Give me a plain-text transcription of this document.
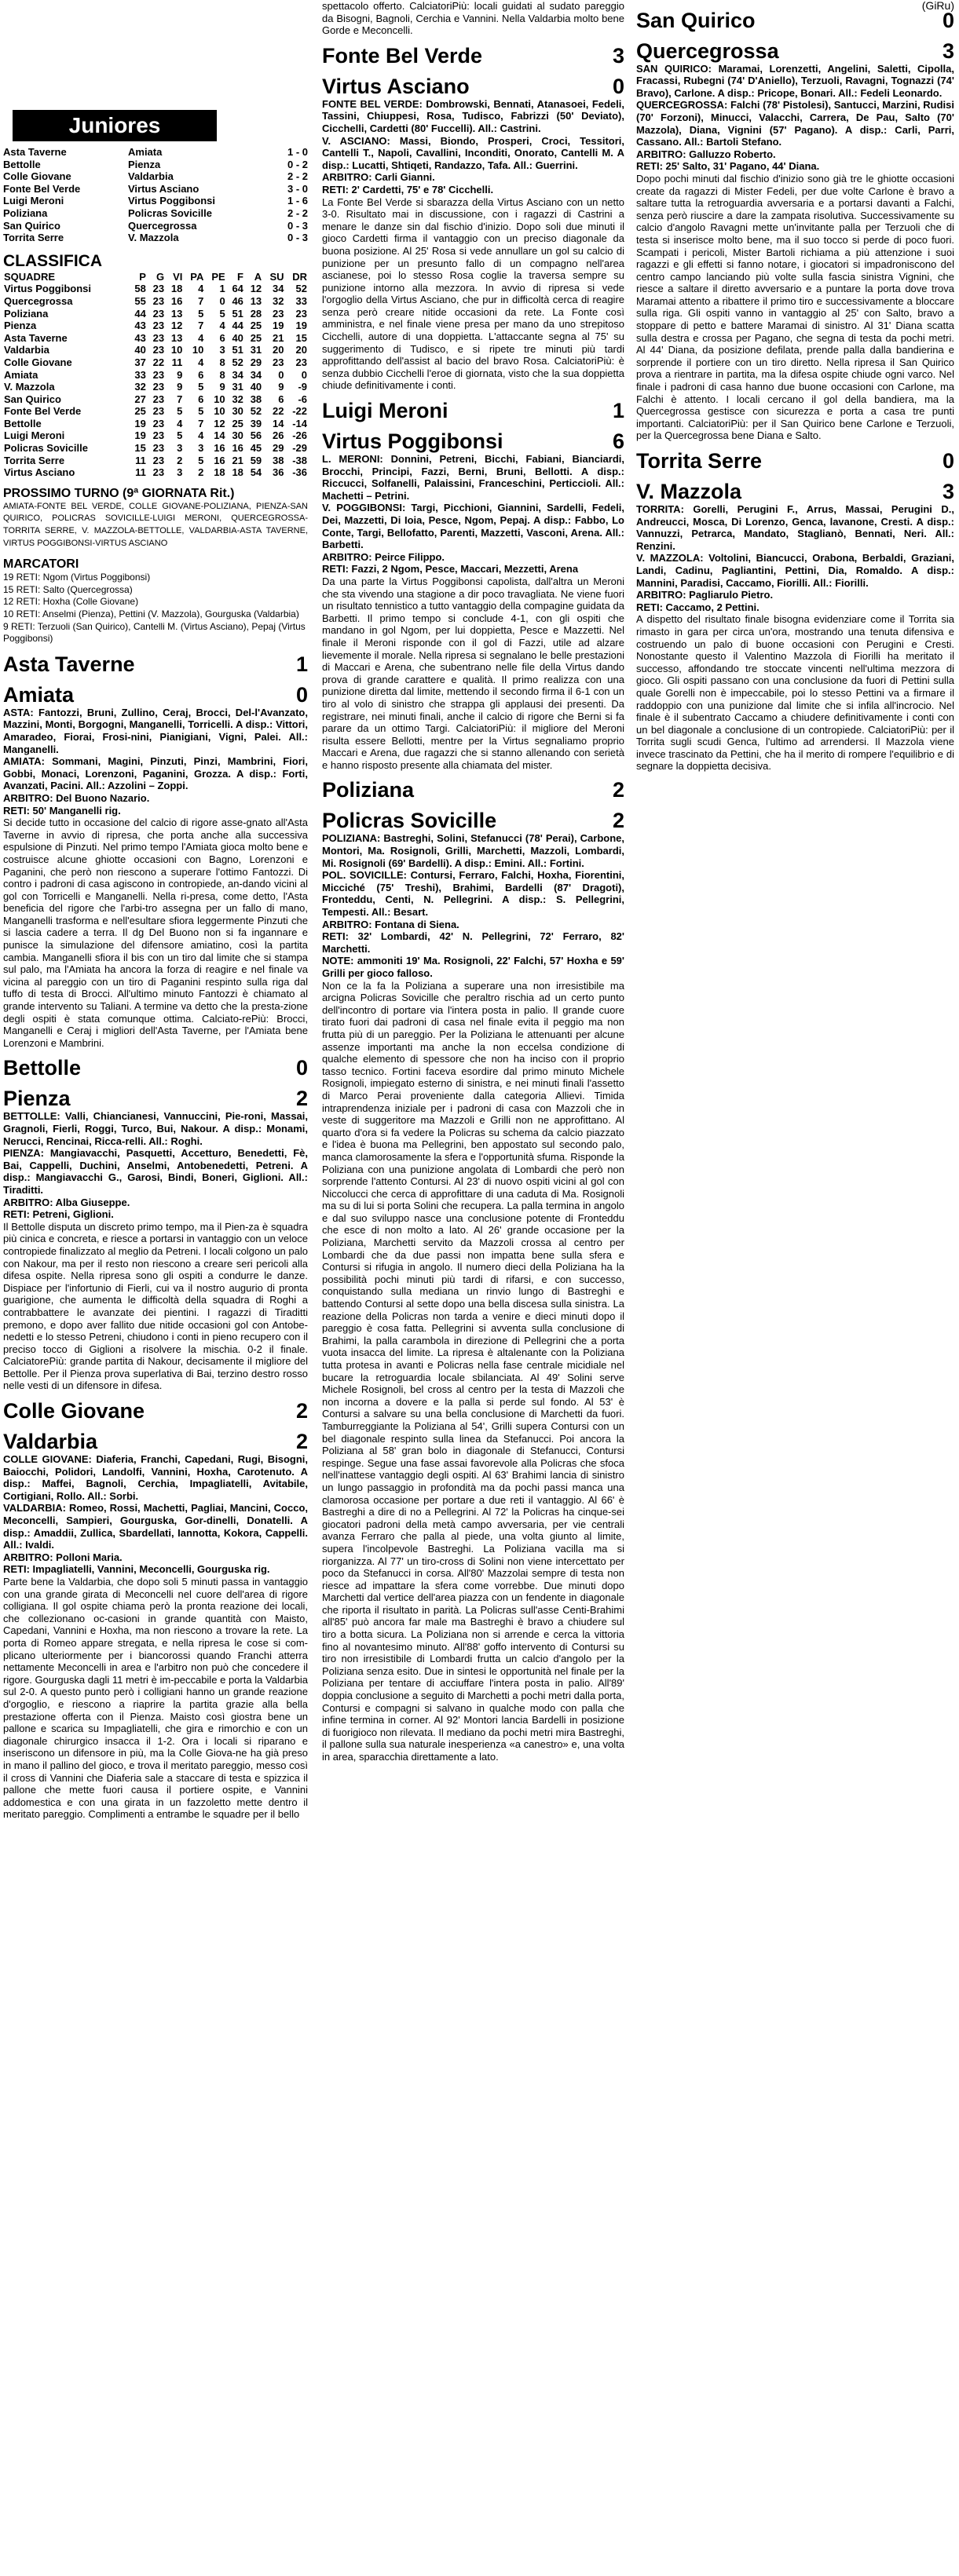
Juniores
Asta Taverne	Amiata	1 - 0
Bettolle	Pienza	0 - 2
Colle Giovane	Valdarbia	2 - 2
Fonte Bel Verde	Virtus Asciano	3 - 0
Luigi Meroni	Virtus Poggibonsi	1 - 6
Poliziana	Policras Sovicille	2 - 2
San Quirico	Quercegrossa	0 - 3
Torrita Serre	V. Mazzola	0 - 3
CLASSIFICA
SQUADRE	P	G	VI	PA	PE	F	A	SU	DR
Virtus Poggibonsi	58	23	18	4	1	64	12	34	52
Quercegrossa	55	23	16	7	0	46	13	32	33
Poliziana	44	23	13	5	5	51	28	23	23
Pienza	43	23	12	7	4	44	25	19	19
Asta Taverne	43	23	13	4	6	40	25	21	15
Valdarbia	40	23	10	10	3	51	31	20	20
Colle Giovane	37	22	11	4	8	52	29	23	23
Amiata	33	23	9	6	8	34	34	0	0
V. Mazzola	32	23	9	5	9	31	40	9	-9
San Quirico	27	23	7	6	10	32	38	6	-6
Fonte Bel Verde	25	23	5	5	10	30	52	22	-22
Bettolle	19	23	4	7	12	25	39	14	-14
Luigi Meroni	19	23	5	4	14	30	56	26	-26
Policras Sovicille	15	23	3	3	16	16	45	29	-29
Torrita Serre	11	23	2	5	16	21	59	38	-38
Virtus Asciano	11	23	3	2	18	18	54	36	-36
PROSSIMO TURNO (9ª GIORNATA Rit.)

AMIATA-FONTE BEL VERDE, COLLE GIOVANE-POLIZIANA, PIENZA-SAN QUIRICO, POLICRAS SOVICILLE-LUIGI MERONI, QUERCEGROSSA-TORRITA SERRE, V. MAZZOLA-BETTOLLE, VALDARBIA-ASTA TAVERNE, VIRTUS POGGIBONSI-VIRTUS ASCIANO

MARCATORI
19 RETI: Ngom (Virtus Poggibonsi)
15 RETI: Salto (Quercegrossa)
12 RETI: Hoxha (Colle Giovane)
10 RETI: Anselmi (Pienza), Pettini (V. Mazzola), Gourguska (Valdarbia)
9 RETI: Terzuoli (San Quirico), Cantelli M. (Virtus Asciano), Pepaj (Virtus Poggibonsi)
Asta Taverne	1
Amiata	0

ASTA: Fantozzi, Bruni, Zullino, Ceraj, Brocci, Del-l'Avanzato, Mazzini, Monti, Borgogni, Manganelli, Torricelli. A disp.: Vittori, Amaradeo, Fiorai, Frosi-nini, Pianigiani, Vigni, Palei. All.: Manganelli.

AMIATA: Sommani, Magini, Pinzuti, Pinzi, Mambrini, Fiori, Gobbi, Monaci, Lorenzoni, Paganini, Grozza. A disp.: Forti, Avanzati, Pacini. All.: Azzolini – Zoppi.

ARBITRO: Del Buono Nazario.

RETI: 50' Manganelli rig.

Si decide tutto in occasione del calcio di rigore asse-gnato all'Asta Taverne in avvio di ripresa, che porta anche alla successiva espulsione di Pinzuti. Nel primo tempo l'Amiata gioca molto bene e costruisce alcune ghiotte occasioni con Bagno, Lorenzoni e Paganini, che però non riescono a superare l'ottimo Fantozzi. Di contro i padroni di casa agiscono in contropiede, an-dando vicini al gol con Torricelli e Manganelli. Nella ri-presa, come detto, l'Asta beneficia del rigore che l'arbi-tro assegna per un fallo di mano, Manganelli trasforma e nell'esultare sfiora leggermente Pinzuti che si lascia cadere a terra. Il dg Del Buono non si fa ingannare e punisce la simulazione del difensore amiatino, così la partita cambia. Manganelli sfiora il bis con un tiro dal limite che si stampa sul palo, ma l'Amiata ha ancora la forza di reagire e nel finale va vicina al pareggio con un tiro di Paganini respinto sulla riga dal tuffo di testa di Brocci. All'ultimo minuto Fantozzi è chiamato al grande intervento su Taliani. A termine va detto che la presta-zione degli ospiti è stata comunque ottima. Calciato-rePiù: Brocci, Manganelli e Ceraj i migliori dell'Asta Taverne, per l'Amiata bene Lorenzoni e Mambrini.

Bettolle	0
Pienza	2

BETTOLLE: Valli, Chiancianesi, Vannuccini, Pie-roni, Massai, Gragnoli, Fierli, Roggi, Turco, Bui, Nakour. A disp.: Monami, Nerucci, Rencinai, Ricca-relli. All.: Roghi.

PIENZA: Mangiavacchi, Pasquetti, Accetturo, Benedetti, Fè, Bai, Cappelli, Duchini, Anselmi, Antobenedetti, Petreni. A disp.: Mangiavacchi G., Garosi, Bindi, Boneri, Giglioni. All.: Tiraditti.

ARBITRO: Alba Giuseppe.

RETI: Petreni, Giglioni.

Il Bettolle disputa un discreto primo tempo, ma il Pien-za è squadra più cinica e concreta, e riesce a portarsi in vantaggio con un veloce contropiede finalizzato al meglio da Petreni. I locali colgono un palo con Nakour, ma per il resto non riescono a creare seri pericoli alla difesa ospite. Nella ripresa sono gli ospiti a condurre le danze. Dispiace per l'infortunio di Fierli, cui va il nostro augurio di pronta guarigione, che aumenta le difficoltà della squadra di Roghi a contrabbattere le avanzate dei pientini. I ragazzi di Tiraditti premono, e dopo aver fallito due nitide occasioni gol con Antobe-nedetti e lo stesso Petreni, chiudono i conti in pieno recupero con il preciso tocco di Giglioni a risolvere la mischia. 0-2 il finale. CalciatorePiù: grande partita di Nakour, decisamente il migliore del Bettolle. Per il Pienza prova superlativa di Bai, terzino destro rosso nelle vesti di un difensore in difesa.

Colle Giovane	2
Valdarbia	2

COLLE GIOVANE: Diaferia, Franchi, Capedani, Rugi, Bisogni, Baiocchi, Polidori, Landolfi, Vannini, Hoxha, Carotenuto. A disp.: Maffei, Bagnoli, Cerchia, Impagliatelli, Avitabile, Cortigiani, Rollo. All.: Sorbi.

VALDARBIA: Romeo, Rossi, Machetti, Pagliai, Mancini, Cocco, Meconcelli, Sampieri, Gourguska, Gor-dinelli, Donatelli. A disp.: Amaddii, Zullica, Sbardellati, Iannotta, Kokora, Cappelli. All.: Ivaldi.

ARBITRO: Polloni Maria.

RETI: Impagliatelli, Vannini, Meconcelli, Gourguska rig.

Parte bene la Valdarbia, che dopo soli 5 minuti passa in vantaggio con una grande girata di Meconcelli nel cuore dell'area di rigore colligiana. Il gol ospite chiama però la pronta reazione dei locali, che collezionano oc-casioni in grande quantità con Maisto, Capedani, Vannini e Hoxha, ma non riescono a trovare la rete. La porta di Romeo appare stregata, e nella ripresa le cose si com-plicano ulteriormente per i biancorossi quando Franchi atterra nettamente Meconcelli in area e l'arbitro non può che concedere il rigore. Gourguska dagli 11 metri è im-peccabile e porta la Valdarbia sul 2-0. A questo punto però i colligiani hanno un grande reazione d'orgoglio, e riescono a riaprire la partita grazie alla bella prestazione offerta con il Pienza. Maisto così giostra bene un pallone e scarica su Impagliatelli, che gira e rimorchio e con un diagonale chirurgico insacca il 1-2. Ora i locali si riparano e inseriscono un difensore in più, ma la Colle Giova-ne ha già preso in mano il pallino del gioco, e trova il meritato pareggio, messo così il cross di Vannini che Diaferia sale a staccare di testa e spizzica il pallone che mette fuori causa il portiere ospite, e Vannini addomestica e con una girata in un fazzoletto mette dentro il meritato pareggio. Complimenti a entrambe le squadre per il bello

spettacolo offerto. CalciatoriPiù: locali guidati al sudato pareggio da Bisogni, Bagnoli, Cerchia e Vannini. Nella Valdarbia molto bene Gorde e Meconcelli.

Fonte Bel Verde	3
Virtus Asciano	0

FONTE BEL VERDE: Dombrowski, Bennati, Atanasoei, Fedeli, Tassini, Chiuppesi, Rosa, Tudisco, Fabrizzi (50' Deviato), Cicchelli, Cardetti (80' Fuccelli). All.: Castrini.

V. ASCIANO: Massi, Biondo, Prosperi, Croci, Tessitori, Cantelli T., Napoli, Cavallini, Inconditi, Onorato, Cantelli M. A disp.: Lucatti, Shtiqeti, Randazzo, Tafa. All.: Guerrini.

ARBITRO: Carli Gianni.

RETI: 2' Cardetti, 75' e 78' Cicchelli.

La Fonte Bel Verde si sbarazza della Virtus Asciano con un netto 3-0. Risultato mai in discussione, con i ragazzi di Castrini a menare le danze sin dal fischio d'inizio. Dopo soli due minuti il gioco Cardetti firma il vantaggio con un preciso diagonale da buona posizione. Al 25' Rosa si vede annullare un gol su calcio di punizione per un presunto fallo di un compagno nell'area ascianese, poi lo stesso Rosa coglie la traversa sempre su punizione intorno alla mezzora. In avvio di ripresa si vede l'orgoglio della Virtus Asciano, che pur in difficoltà cerca di reagire senza però creare nitide occasioni da rete. La Fonte così amministra, e nel finale viene presa per mano da uno strepitoso Cicchelli, autore di una doppietta. L'attaccante segna al 75' su suggerimento di Tudisco, e si ripete tre minuti più tardi approfittando dell'assist al bacio del bravo Rosa. CalciatoriPiù: è senza dubbio Cicchelli l'eroe di giornata, visto che la sua doppietta chiude definitivamente i conti.

Luigi Meroni	1
Virtus Poggibonsi	6

L. MERONI: Donnini, Petreni, Bicchi, Fabiani, Bianciardi, Brocchi, Principi, Fazzi, Berni, Bruni, Bellotti. A disp.: Riccucci, Solfanelli, Palaissini, Franceschini, Perticcioli. All.: Machetti – Petrini.

V. POGGIBONSI: Targi, Picchioni, Giannini, Sardelli, Fedeli, Dei, Mazzetti, Di Ioia, Pesce, Ngom, Pepaj. A disp.: Fabbo, Lo Conte, Targi, Bellofatto, Parenti, Mazzetti, Vasconi, Arena. All.: Barbetti.

ARBITRO: Peirce Filippo.

RETI: Fazzi, 2 Ngom, Pesce, Maccari, Mezzetti, Arena

Da una parte la Virtus Poggibonsi capolista, dall'altra un Meroni che sta vivendo una stagione a dir poco travagliata. Ne viene fuori un risultato tennistico a tutto vantaggio della compagine guidata da Barbetti. Il primo tempo si conclude 4-1, con gli ospiti che mandano in gol Ngom, per lui doppietta, Pesce e Mazzetti. Nel finale il Meroni risponde con il gol di Fazzi, utile ad alzare lievemente il morale. Nella ripresa si segnalano le belle prestazioni di Maccari e Arena, che subentrano nelle file della Virtus dando prova di grande carattere e qualità. Il primo realizza con una punizione diretta dal limite, mettendo il secondo firma il 6-1 con un tiro al volo di sinistro che strappa gli applausi dei presenti. Da registrare, nei minuti finali, anche il calcio di rigore che Berni si fa parare da un ottimo Targi. CalciatoriPiù: il migliore del Meroni risulta essere Bellotti, mentre per la Virtus segnaliamo proprio Maccari e Arena, due ragazzi che si stanno allenando con serietà e hanno risposto presente alla chiamata del mister.

Poliziana	2
Policras Sovicille	2

POLIZIANA: Bastreghi, Solini, Stefanucci (78' Perai), Carbone, Montori, Ma. Rosignoli, Grilli, Marchetti, Mazzoli, Lombardi, Mi. Rosignoli (69' Bardelli). A disp.: Emini. All.: Fortini.

POL. SOVICILLE: Contursi, Ferraro, Falchi, Hoxha, Fiorentini, Micciché (75' Treshi), Brahimi, Bardelli (87' Dragoti), Fronteddu, Centi, N. Pellegrini. A disp.: S. Pellegrini, Tempesti. All.: Besart.

ARBITRO: Fontana di Siena.

RETI: 32' Lombardi, 42' N. Pellegrini, 72' Ferraro, 82' Marchetti.

NOTE: ammoniti 19' Ma. Rosignoli, 22' Falchi, 57' Hoxha e 59' Grilli per gioco falloso.

Non ce la fa la Poliziana a superare una non irresistibile ma arcigna Policras Sovicille che peraltro rischia ad un certo punto dell'incontro di portare via l'intera posta in palio. Il grande cuore tirato fuori dai padroni di casa nel finale evita il peggio ma non frutta più di un pareggio. Per la Poliziana le attenuanti per alcune assenze importanti ma anche la non eccelsa condizione di qualche elemento di spessore che non ha inciso con il proprio tasso tecnico. Fortini faceva esordire dal primo minuto Michele Rosignoli, impiegato esterno di sinistra, e nei minuti finali l'assetto di Marco Perai proveniente dalla categoria Allievi. Timida intraprendenza iniziale per i padroni di casa con Mazzoli che in veste di suggeritore ma Mazzoli e Grilli non ne approfittano. Al quarto d'ora si fa vedere la Policras su schema da calcio piazzato e l'idea è buona ma Pellegrini, ben appostato sul secondo palo, manca clamorosamente la sfera e l'opportunità sfuma. Risponde la Poliziana con una punizione angolata di Lombardi che però non sorprende l'attento Contursi. Al 23' di nuovo ospiti vicini al gol con Niccolucci che cerca di approfittare di una caduta di Ma. Rosignoli ma su di lui si porta Solini che recupera. La palla termina in angolo e dal suo sviluppo nasce una conclusione potente di Fronteddu che esce di non molto a lato. Al 26' grande occasione per la Poliziana, Marchetti servito da Mazzoli crossa al centro per Lombardi che da due passi non impatta bene sulla sfera e Contursi si rifugia in angolo. Il numero dieci della Poliziana ha la possibilità pochi minuti più tardi di rifarsi, e con successo, conquistando sulla mediana un rinvio lungo di Bastreghi e battendo Contursi al sette dopo una bella discesa sulla sinistra. La reazione della Policras non tarda a venire e dieci minuti dopo il pareggio è cosa fatta. Pellegrini si avventa sulla conclusione di Brahimi, la palla carambola in direzione di Pellegrini che a porta vuota insacca del limite. La ripresa è altalenante con la Poliziana tutta protesa in avanti e Policras nella fase centrale micidiale nel bucare la retroguardia locale sbilanciata. Al 49' Solini serve Michele Rosignoli, bel cross al centro per la testa di Mazzoli che non incorna a dovere e la palla si perde sul fondo. Al 53' è Contursi a salvare su una bella conclusione di Marchetti da fuori. Tamburreggiante la Poliziana al 54', Grilli supera Contursi con un bel diagonale respinto sulla linea da Stefanucci. Poi ancora la Poliziana al 58' gran bolo in diagonale di Stefanucci, Contursi respinge. Segue una fase assai favorevole alla Policras che sfoca nell'inattese vantaggio degli ospiti. Al 63' Brahimi lancia di sinistro un lungo passaggio in profondità ma da pochi passi manca una clamorosa occasione per portare a due reti il vantaggio. Al 66' è Bastreghi a dire di no a Pellegrini. Al 72' la Policras ha cinque-sei giocatori padroni della metà campo avversaria, per vie centrali avanza Ferraro che palla al piede, una volta giunto al limite, supera l'incolpevole Bastreghi. La Poliziana vacilla ma si riorganizza. Al 77' un tiro-cross di Solini non viene intercettato per poco da Stefanucci in corsa. All'80' Mazzolai sempre di testa non riesce ad impattare la sfera come vorrebbe. Due minuti dopo Marchetti dal vertice dell'area piazza con un fendente in diagonale che riporta il risultato in parità. La Policras sull'asse Centi-Brahimi all'85' può ancora far male ma Bastreghi è bravo a chiudere sul tiro a botta sicura. La Poliziana non si arrende e cerca la vittoria fino al novantesimo minuto. All'88' goffo intervento di Contursi su tiro non irresistibile di Lombardi frutta un calcio d'angolo per la Poliziana senza esito. Due in sintesi le opportunità nel finale per la Poliziana per tentare di acciuffare l'intera posta in palio. All'89' doppia conclusione a seguito di Marchetti a pochi metri dalla porta, Contursi e compagni si salvano in qualche modo con palla che infine termina in corner. Al 92' Montori lancia Bardelli in posizione di fuorigioco non rilevata. Il mediano da pochi metri mira Bastreghi, il pallone sulla sua naturale inesperienza «a canestro» e, una volta in area, sparacchia direttamente a lato.

(GiRu)
San Quirico	0
Quercegrossa	3

SAN QUIRICO: Maramai, Lorenzetti, Angelini, Saletti, Cipolla, Fracassi, Rubegni (74' D'Aniello), Terzuoli, Ravagni, Tognazzi (74' Bravo), Carlone. A disp.: Pricope, Bonari. All.: Fedeli Leonardo.

QUERCEGROSSA: Falchi (78' Pistolesi), Santucci, Marzini, Rudisi (70' Forzoni), Minucci, Valacchi, Carrera, De Pau, Salto (70' Mazzola), Diana, Vignini (57' Pagano). A disp.: Carli, Parri, Cassano. All.: Bartoli Stefano.

ARBITRO: Galluzzo Roberto.

RETI: 25' Salto, 31' Pagano, 44' Diana.

Dopo pochi minuti dal fischio d'inizio sono già tre le ghiotte occasioni create da ragazzi di Mister Fedeli, per due volte Carlone è bravo a saltare tutta la retroguardia avversaria e a portarsi davanti a Falchi, senza però riuscire a dare la zampata risolutiva. Successivamente su calcio d'angolo Ravagni mette un'invitante palla per Terzuoli che di testa si inserisce molto bene, ma il suo tocco si perde di poco fuori. Scampati i pericoli, Mister Bartoli richiama a più attenzione i suoi ragazzi e gli effetti si fanno notare, i giocatori si impadroniscono del centro campo lanciando più volte sulla fascia sinistra Vignini, che riesce a saltare il diretto avversario e a puntare la porta dove trova Maramai attento a ribattere il primo tiro e successivamente a bloccare sulla riga. Gli ospiti vanno in vantaggio al 25' con Salto, bravo a stoppare di petto e battere Maramai di sinistro. Al 31' Diana scatta sulla destra e crossa per Pagano, che segna di testa da pochi metri. Al 44' Diana, da posizione defilata, prende palla dalla bandierina e sorprende il portiere con un tiro diretto. Nella ripresa il San Quirico prova a rientrare in partita, ma la difesa ospite chiude ogni varco. Nel finale i padroni di casa hanno due buone occasioni con Carlone, ma Falchi è attento. I locali cercano il gol della bandiera, ma la Quercegrossa gestisce con sicurezza e porta a casa tre punti importanti. CalciatoriPiù: per il San Quirico bene Carlone e Terzuoli, per la Quercegrossa bene Diana e Salto.

Torrita Serre	0
V. Mazzola	3

TORRITA: Gorelli, Perugini F., Arrus, Massai, Perugini D., Andreucci, Mosca, Di Lorenzo, Genca, lavanone, Cresti. A disp.: Vannuzzi, Petrarca, Mandato, Staglianò, Bennati, Neri. All.: Renzini.

V. MAZZOLA: Voltolini, Biancucci, Orabona, Berbaldi, Graziani, Landi, Cadinu, Pagliantini, Pettini, Dia, Romaldo. A disp.: Mannini, Paradisi, Caccamo, Fiorilli. All.: Fiorilli.

ARBITRO: Pagliarulo Pietro.

RETI: Caccamo, 2 Pettini.

A dispetto del risultato finale bisogna evidenziare come il Torrita sia rimasto in gara per circa un'ora, mostrando una tenuta difensiva e costruendo un palo di buone occasioni con Perugini e Cresti. Nonostante questo il Valentino Mazzola di Fiorilli ha meritato il successo, affondando tre stoccate vincenti nell'ultima mezzora di gioco. Gli ospiti passano con una conclusione da fuori di Pettini sulla quale Gorelli non è impeccabile, poi lo stesso Pettini va a firmare il raddoppio con una punizione dal limite che si infila all'incrocio. Nel finale è il subentrato Caccamo a chiudere definitivamente i conti con un bel diagonale a conclusione di un contropiede. CalciatoriPiù: per il Torrita sugli scudi Genca, l'ultimo ad arrendersi. Il Mazzola viene invece trascinato da Pettini, che ha il merito di rompere l'equilibrio e di segnare la doppietta decisiva.
